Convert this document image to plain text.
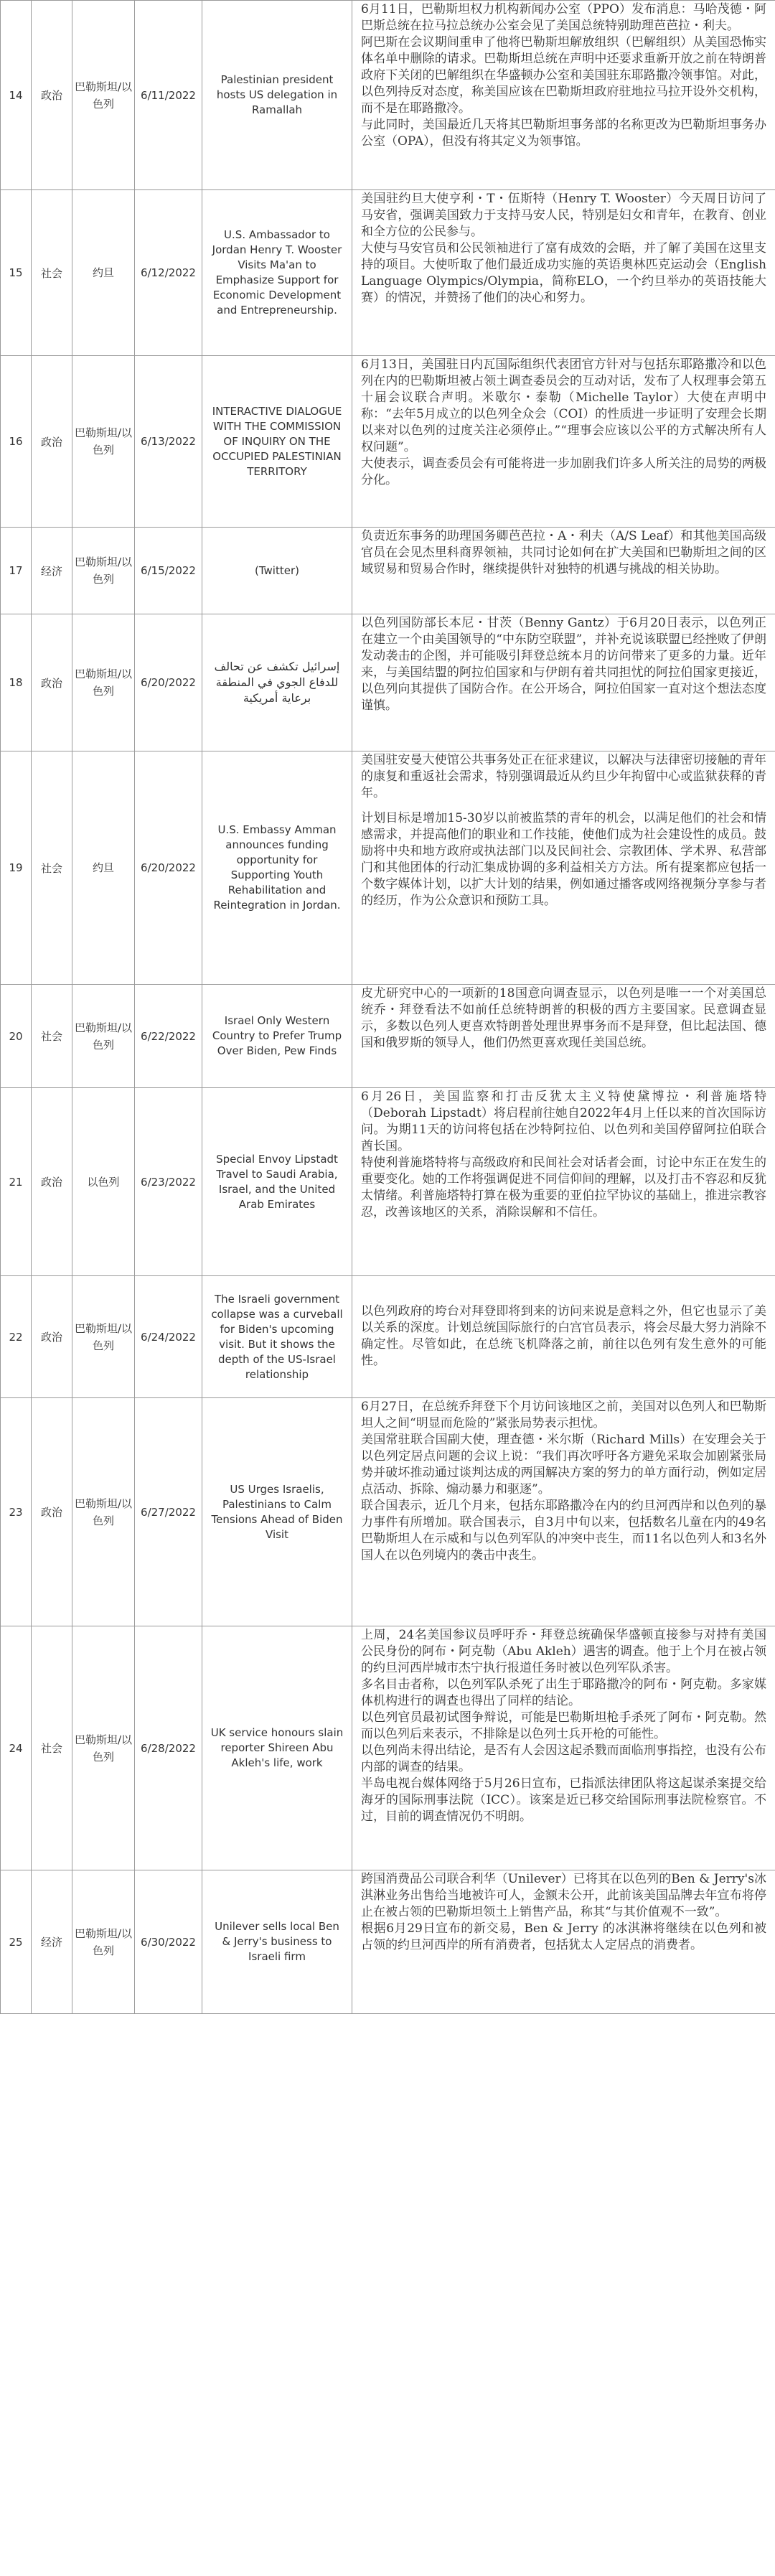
14	政治	巴勒斯坦/以色列	6/11/2022	Palestinian president hosts US delegation in Ramallah	6月11日，巴勒斯坦权力机构新闻办公室（PPO）发布消息：马哈茂德・阿巴斯总统在拉马拉总统办公室会见了美国总统特别助理芭芭拉・利夫。

阿巴斯在会议期间重申了他将巴勒斯坦解放组织（巴解组织）从美国恐怖实体名单中删除的请求。巴勒斯坦总统在声明中还要求重新开放之前在特朗普政府下关闭的巴解组织在华盛顿办公室和美国驻东耶路撒冷领事馆。对此，以色列持反对态度，称美国应该在巴勒斯坦政府驻地拉马拉开设外交机构，而不是在耶路撒冷。

与此同时，美国最近几天将其巴勒斯坦事务部的名称更改为巴勒斯坦事务办公室（OPA），但没有将其定义为领事馆。

15	社会	约旦	6/12/2022	U.S. Ambassador to Jordan Henry T. Wooster Visits Ma'an to Emphasize Support for Economic Development and Entrepreneurship.	美国驻约旦大使亨利・T・伍斯特（Henry T. Wooster）今天周日访问了马安省，强调美国致力于支持马安人民，特别是妇女和青年，在教育、创业和全方位的公民参与。

大使与马安官员和公民领袖进行了富有成效的会晤，并了解了美国在这里支持的项目。大使听取了他们最近成功实施的英语奥林匹克运动会（English Language Olympics/Olympia，简称ELO，一个约旦举办的英语技能大赛）的情况，并赞扬了他们的决心和努力。

16	政治	巴勒斯坦/以色列	6/13/2022	INTERACTIVE DIALOGUE WITH THE COMMISSION OF INQUIRY ON THE OCCUPIED PALESTINIAN TERRITORY	6月13日，美国驻日内瓦国际组织代表团官方针对与包括东耶路撒冷和以色列在内的巴勒斯坦被占领土调查委员会的互动对话，发布了人权理事会第五十届会议联合声明。米歇尔・泰勒（Michelle Taylor）大使在声明中称：“去年5月成立的以色列全众会（COI）的性质进一步证明了安理会长期以来对以色列的过度关注必须停止。”“理事会应该以公平的方式解决所有人权问题”。

大使表示，调查委员会有可能将进一步加剧我们许多人所关注的局势的两极分化。

17	经济	巴勒斯坦/以色列	6/15/2022	(Twitter)	负责近东事务的助理国务卿芭芭拉・A・利夫（A/S Leaf）和其他美国高级官员在会见杰里科商界领袖，共同讨论如何在扩大美国和巴勒斯坦之间的区域贸易和贸易合作时，继续提供针对独特的机遇与挑战的相关协助。

18	政治	巴勒斯坦/以色列	6/20/2022	إسرائيل تكشف عن تحالف للدفاع الجوي في المنطقة برعاية أمريكية	以色列国防部长本尼・甘茨（Benny Gantz）于6月20日表示，以色列正在建立一个由美国领导的“中东防空联盟”，并补充说该联盟已经挫败了伊朗发动袭击的企图，并可能吸引拜登总统本月的访问带来了更多的力量。近年来，与美国结盟的阿拉伯国家和与伊朗有着共同担忧的阿拉伯国家更接近，以色列向其提供了国防合作。在公开场合，阿拉伯国家一直对这个想法态度谨慎。

19	社会	约旦	6/20/2022	U.S. Embassy Amman announces funding opportunity for Supporting Youth Rehabilitation and Reintegration in Jordan.	美国驻安曼大使馆公共事务处正在征求建议，以解决与法律密切接触的青年的康复和重返社会需求，特别强调最近从约旦少年拘留中心或监狱获释的青年。

计划目标是增加15-30岁以前被监禁的青年的机会，以满足他们的社会和情感需求，并提高他们的职业和工作技能，使他们成为社会建设性的成员。鼓励将中央和地方政府或执法部门以及民间社会、宗教团体、学术界、私营部门和其他团体的行动汇集成协调的多利益相关方方法。所有提案都应包括一个数字媒体计划，以扩大计划的结果，例如通过播客或网络视频分享参与者的经历，作为公众意识和预防工具。

20	社会	巴勒斯坦/以色列	6/22/2022	Israel Only Western Country to Prefer Trump Over Biden, Pew Finds	皮尤研究中心的一项新的18国意向调查显示，以色列是唯一一个对美国总统乔・拜登看法不如前任总统特朗普的积极的西方主要国家。民意调查显示，多数以色列人更喜欢特朗普处理世界事务而不是拜登，但比起法国、德国和俄罗斯的领导人，他们仍然更喜欢现任美国总统。

21	政治	以色列	6/23/2022	Special Envoy Lipstadt Travel to Saudi Arabia, Israel, and the United Arab Emirates	6月26日，美国监察和打击反犹太主义特使黛博拉・利普施塔特（Deborah Lipstadt）将启程前往她自2022年4月上任以来的首次国际访问。为期11天的访问将包括在沙特阿拉伯、以色列和美国停留阿拉伯联合酋长国。

特使利普施塔特将与高级政府和民间社会对话者会面，讨论中东正在发生的重要变化。她的工作将强调促进不同信仰间的理解，以及打击不容忍和反犹太情绪。利普施塔特打算在极为重要的亚伯拉罕协议的基础上，推进宗教容忍，改善该地区的关系，消除误解和不信任。

22	政治	巴勒斯坦/以色列	6/24/2022	The Israeli government collapse was a curveball for Biden's upcoming visit. But it shows the depth of the US-Israel relationship	以色列政府的垮台对拜登即将到来的访问来说是意料之外，但它也显示了美以关系的深度。计划总统国际旅行的白宫官员表示，将会尽最大努力消除不确定性。尽管如此，在总统飞机降落之前，前往以色列有发生意外的可能性。

23	政治	巴勒斯坦/以色列	6/27/2022	US Urges Israelis, Palestinians to Calm Tensions Ahead of Biden Visit	6月27日，在总统乔拜登下个月访问该地区之前，美国对以色列人和巴勒斯坦人之间“明显而危险的”紧张局势表示担忧。

美国常驻联合国副大使，理查德・米尔斯（Richard Mills）在安理会关于以色列定居点问题的会议上说：“我们再次呼吁各方避免采取会加剧紧张局势并破坏推动通过谈判达成的两国解决方案的努力的单方面行动，例如定居点活动、拆除、煽动暴力和驱逐”。

联合国表示，近几个月来，包括东耶路撒冷在内的约旦河西岸和以色列的暴力事件有所增加。联合国表示，自3月中旬以来，包括数名儿童在内的49名巴勒斯坦人在示威和与以色列军队的冲突中丧生，而11名以色列人和3名外国人在以色列境内的袭击中丧生。

24	社会	巴勒斯坦/以色列	6/28/2022	UK service honours slain reporter Shireen Abu Akleh's life, work	上周，24名美国参议员呼吁乔・拜登总统确保华盛顿直接参与对持有美国公民身份的阿布・阿克勒（Abu Akleh）遇害的调查。他于上个月在被占领的约旦河西岸城市杰宁执行报道任务时被以色列军队杀害。

多名目击者称，以色列军队杀死了出生于耶路撒冷的阿布・阿克勒。多家媒体机构进行的调查也得出了同样的结论。

以色列官员最初试图争辩说，可能是巴勒斯坦枪手杀死了阿布・阿克勒。然而以色列后来表示，不排除是以色列士兵开枪的可能性。

以色列尚未得出结论，是否有人会因这起杀戮而面临刑事指控，也没有公布内部的调查的结果。

半岛电视台媒体网络于5月26日宣布，已指派法律团队将这起谋杀案提交给海牙的国际刑事法院（ICC）。该案是近已移交给国际刑事法院检察官。不过，目前的调查情况仍不明朗。

25	经济	巴勒斯坦/以色列	6/30/2022	Unilever sells local Ben & Jerry's business to Israeli firm	跨国消费品公司联合利华（Unilever）已将其在以色列的Ben & Jerry's冰淇淋业务出售给当地被许可人，金额未公开，此前该美国品牌去年宣布将停止在被占领的巴勒斯坦领土上销售产品，称其“与其价值观不一致”。

根据6月29日宣布的新交易，Ben & Jerry 的冰淇淋将继续在以色列和被占领的约旦河西岸的所有消费者，包括犹太人定居点的消费者。
